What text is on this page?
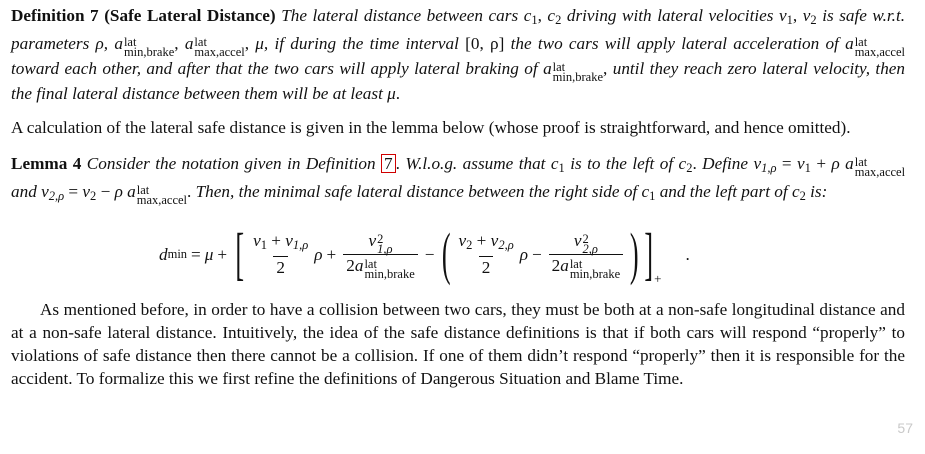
Definition 7 (Safe Lateral Distance) The lateral distance between cars $c_1$, $c_2$ driving with lateral velocities $v_1$, $v_2$ is safe w.r.t. parameters ρ, a lat
min,brake , a lat
max,accel , μ, if during the time interval [0, ρ] the two cars will apply lateral acceleration of a lat
max,accel
toward each other, and after that the two cars will apply lateral braking of a lat
min,brake , until they reach zero lateral velocity, then the final lateral distance between them will be at least μ.

A calculation of the lateral safe distance is given in the lemma below (whose proof is straightforward, and hence omitted).

Lemma 4 Consider the notation given in Definition 7 . W.l.o.g. assume that $c_1$ is to the left of $c_2$. Define $v1,\rho = v_1 + \rho$ a lat
max,accel
and $v2,\rho = v_2 - \rho$ a lat
max,accel . Then, the minimal safe lateral distance between the right side of $c_1$ and the left part of $c_2$ is:

d min = μ + [ $\frac{v_1 + v1,\rho}{2}$ ρ + v 2
1,ρ
2a lat
min,brake − ( $\frac{v_2 + v2,\rho}{2}$ ρ − v 2
2,ρ
2a lat
min,brake ) ] +
.

As mentioned before, in order to have a collision between two cars, they must be both at a non-safe longitudinal distance and at a non-safe lateral distance. Intuitively, the idea of the safe distance definitions is that if both cars will respond “properly” to violations of safe distance then there cannot be a collision. If one of them didn’t respond “properly” then it is responsible for the accident. To formalize this we first refine the definitions of Dangerous Situation and Blame Time.

57
